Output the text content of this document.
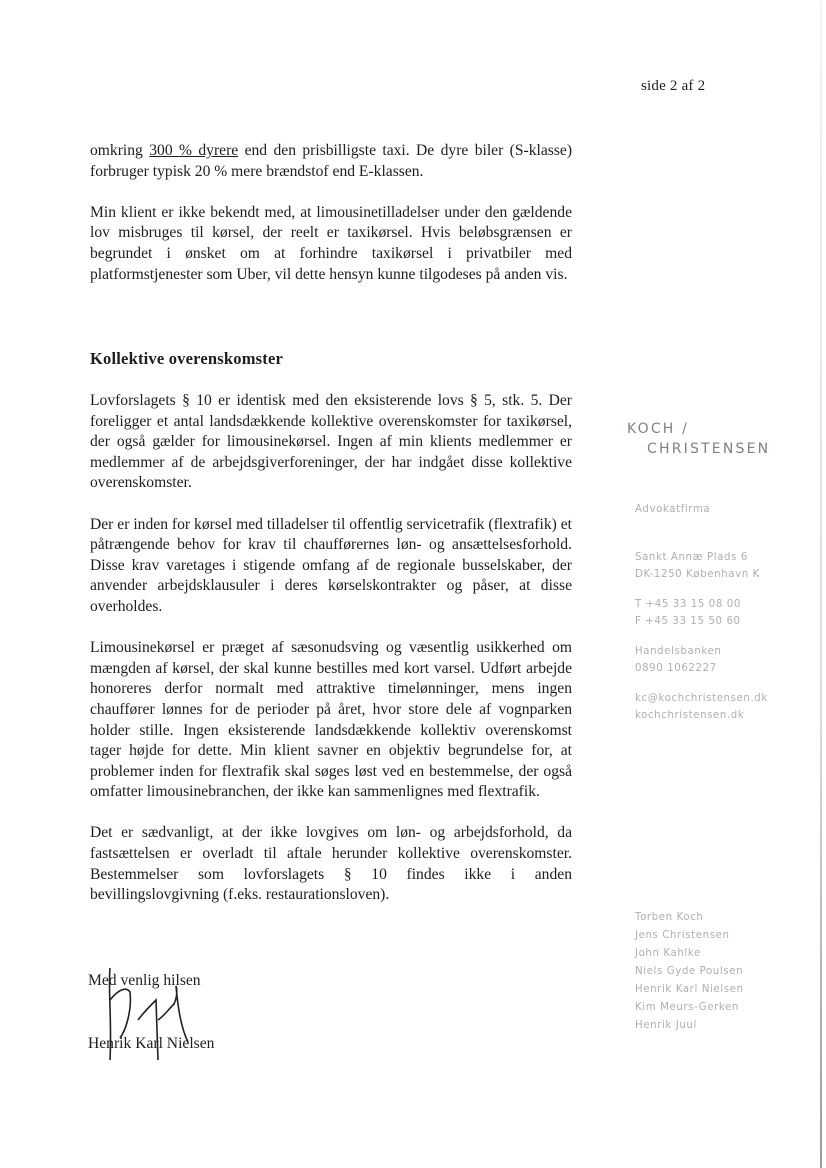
side 2 af 2

omkring 300 % dyrere end den prisbilligste taxi. De dyre biler (S-klasse) forbruger typisk 20 % mere brændstof end E-klassen.

Min klient er ikke bekendt med, at limousinetilladelser under den gældende lov misbruges til kørsel, der reelt er taxikørsel. Hvis beløbsgrænsen er begrundet i ønsket om at forhindre taxikørsel i privatbiler med platformstjenester som Uber, vil dette hensyn kunne tilgodeses på anden vis.

Kollektive overenskomster

Lovforslagets § 10 er identisk med den eksisterende lovs § 5, stk. 5. Der foreligger et antal landsdækkende kollektive overenskomster for taxikørsel, der også gælder for limousinekørsel. Ingen af min klients medlemmer er medlemmer af de arbejdsgiverforeninger, der har indgået disse kollektive overenskomster.

Der er inden for kørsel med tilladelser til offentlig servicetrafik (flextrafik) et påtrængende behov for krav til chaufførernes løn- og ansættelsesforhold. Disse krav varetages i stigende omfang af de regionale busselskaber, der anvender arbejdsklausuler i deres kørselskontrakter og påser, at disse overholdes.

Limousinekørsel er præget af sæsonudsving og væsentlig usikkerhed om mængden af kørsel, der skal kunne bestilles med kort varsel. Udført arbejde honoreres derfor normalt med attraktive timelønninger, mens ingen chauffører lønnes for de perioder på året, hvor store dele af vognparken holder stille. Ingen eksisterende landsdækkende kollektiv overenskomst tager højde for dette. Min klient savner en objektiv begrundelse for, at problemer inden for flextrafik skal søges løst ved en bestemmelse, der også omfatter limousinebranchen, der ikke kan sammenlignes med flextrafik.

Det er sædvanligt, at der ikke lovgives om løn- og arbejdsforhold, da fastsættelsen er overladt til aftale herunder kollektive overenskomster. Bestemmelser som lovforslagets § 10 findes ikke i anden bevillingslovgivning (f.eks. restaurationsloven).

Med venlig hilsen
Henrik Karl Nielsen
KOCH /
CHRISTENSEN
Advokatfirma
Sankt Annæ Plads 6
DK-1250 København K
T +45 33 15 08 00
F +45 33 15 50 60
Handelsbanken
0890 1062227
kc@kochchristensen.dk
kochchristensen.dk
Torben Koch
Jens Christensen
John Kahlke
Niels Gyde Poulsen
Henrik Karl Nielsen
Kim Meurs-Gerken
Henrik Juul
